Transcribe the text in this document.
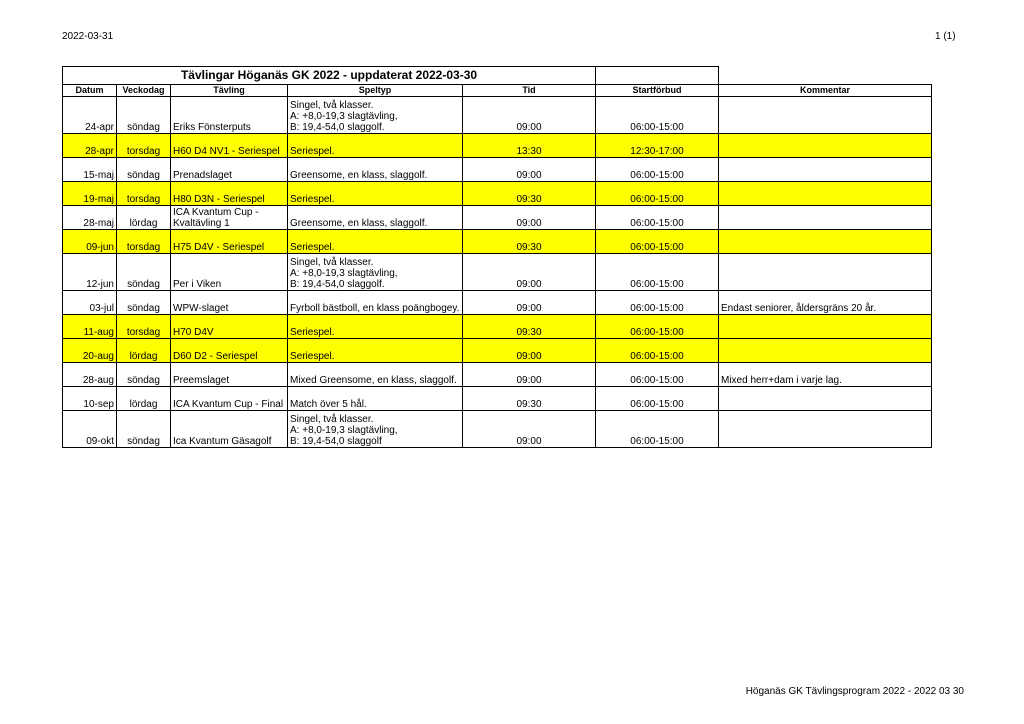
2022-03-31	1 (1)
Tävlingar Höganäs GK 2022 - uppdaterat 2022-03-30						
Datum	Veckodag	Tävling	Speltyp	Tid	Startförbud	Kommentar
24-apr	söndag	Eriks Fönsterputs	Singel, två klasser.
A: +8,0-19,3 slagtävling,
B: 19,4-54,0 slaggolf.	09:00	06:00-15:00	
28-apr	torsdag	H60 D4 NV1 - Seriespel	Seriespel.	13:30	12:30-17:00	
15-maj	söndag	Prenadslaget	Greensome, en klass, slaggolf.	09:00	06:00-15:00	
19-maj	torsdag	H80 D3N - Seriespel	Seriespel.	09:30	06:00-15:00	
28-maj	lördag	ICA Kvantum Cup -
Kvaltävling 1	Greensome, en klass, slaggolf.	09:00	06:00-15:00	
09-jun	torsdag	H75 D4V - Seriespel	Seriespel.	09:30	06:00-15:00	
12-jun	söndag	Per i Viken	Singel, två klasser.
A: +8,0-19,3 slagtävling,
B: 19,4-54,0 slaggolf.	09:00	06:00-15:00	
03-jul	söndag	WPW-slaget	Fyrboll bästboll, en klass poängbogey.	09:00	06:00-15:00	Endast seniorer, åldersgräns 20 år.
11-aug	torsdag	H70 D4V	Seriespel.	09:30	06:00-15:00	
20-aug	lördag	D60 D2 - Seriespel	Seriespel.	09:00	06:00-15:00	
28-aug	söndag	Preemslaget	Mixed Greensome, en klass, slaggolf.	09:00	06:00-15:00	Mixed herr+dam i varje lag.
10-sep	lördag	ICA Kvantum Cup - Final	Match över 5 hål.	09:30	06:00-15:00	
09-okt	söndag	Ica Kvantum Gäsagolf	Singel, två klasser.
A: +8,0-19,3 slagtävling,
B: 19,4-54,0 slaggolf	09:00	06:00-15:00	
Höganäs GK Tävlingsprogram 2022 - 2022 03 30
